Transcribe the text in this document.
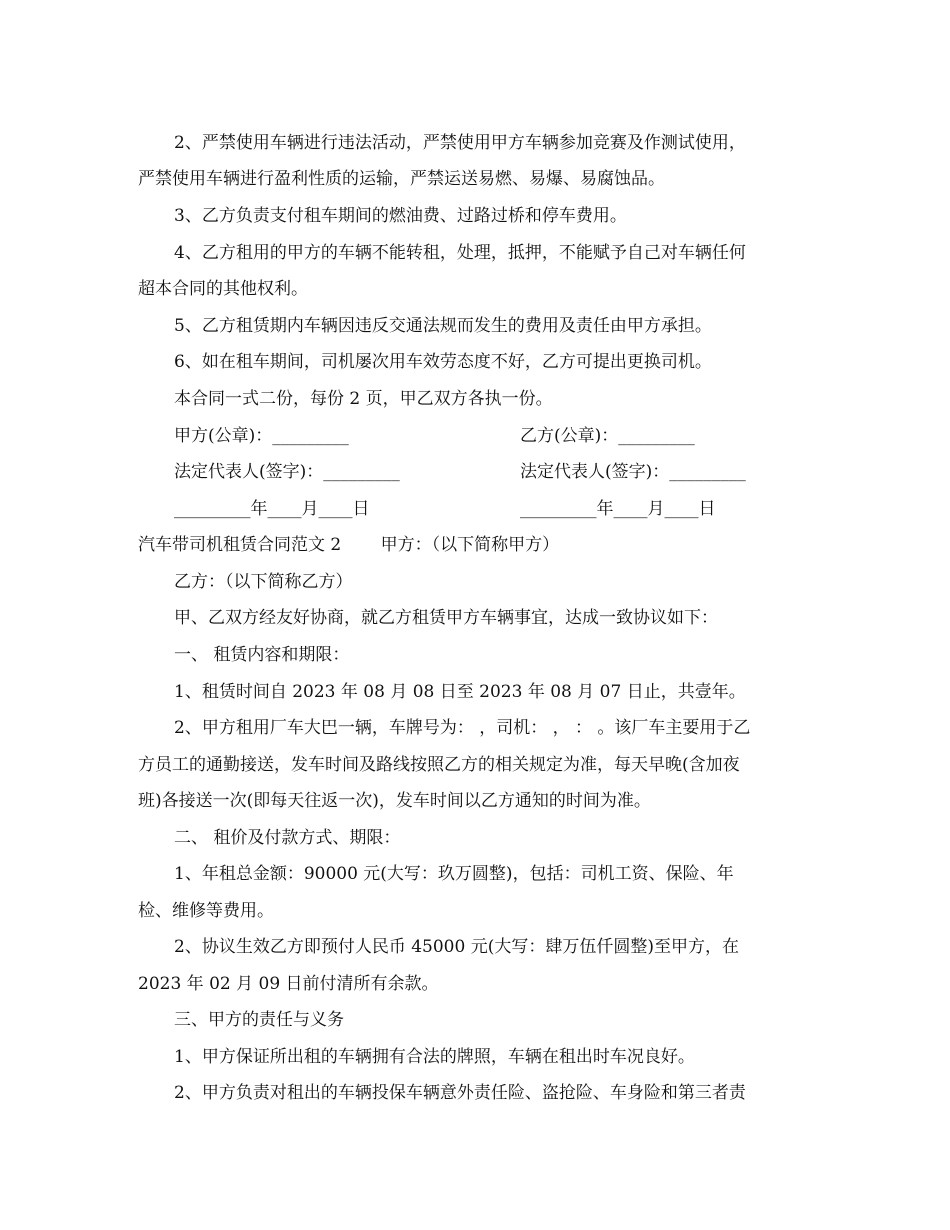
2、严禁使用车辆进行违法活动，严禁使用甲方车辆参加竞赛及作测试使用，
严禁使用车辆进行盈利性质的运输，严禁运送易燃、易爆、易腐蚀品。
3、乙方负责支付租车期间的燃油费、过路过桥和停车费用。
4、乙方租用的甲方的车辆不能转租，处理，抵押，不能赋予自己对车辆任何
超本合同的其他权利。
5、乙方租赁期内车辆因违反交通法规而发生的费用及责任由甲方承担。
6、如在租车期间，司机屡次用车效劳态度不好，乙方可提出更换司机。
本合同一式二份，每份 2 页，甲乙双方各执一份。
甲方(公章)：_________	乙方(公章)：_________
法定代表人(签字)：_________	法定代表人(签字)：_________
_________年____月____日	_________年____月____日
汽车带司机租赁合同范文 2　　 甲方：（以下简称甲方）
乙方：（以下简称乙方）
甲、乙双方经友好协商，就乙方租赁甲方车辆事宜，达成一致协议如下：
一、 租赁内容和期限：
1、租赁时间自 2023 年 08 月 08 日至 2023 年 08 月 07 日止，共壹年。
2、甲方租用厂车大巴一辆，车牌号为： ，司机： ， ： 。该厂车主要用于乙
方员工的通勤接送，发车时间及路线按照乙方的相关规定为准，每天早晚(含加夜
班)各接送一次(即每天往返一次)，发车时间以乙方通知的时间为准。
二、 租价及付款方式、期限：
1、年租总金额：90000 元(大写：玖万圆整)，包括：司机工资、保险、年
检、维修等费用。
2、协议生效乙方即预付人民币 45000 元(大写：肆万伍仟圆整)至甲方，在
2023 年 02 月 09 日前付清所有余款。
三、甲方的责任与义务
1、甲方保证所出租的车辆拥有合法的牌照，车辆在租出时车况良好。
2、甲方负责对租出的车辆投保车辆意外责任险、盗抢险、车身险和第三者责
